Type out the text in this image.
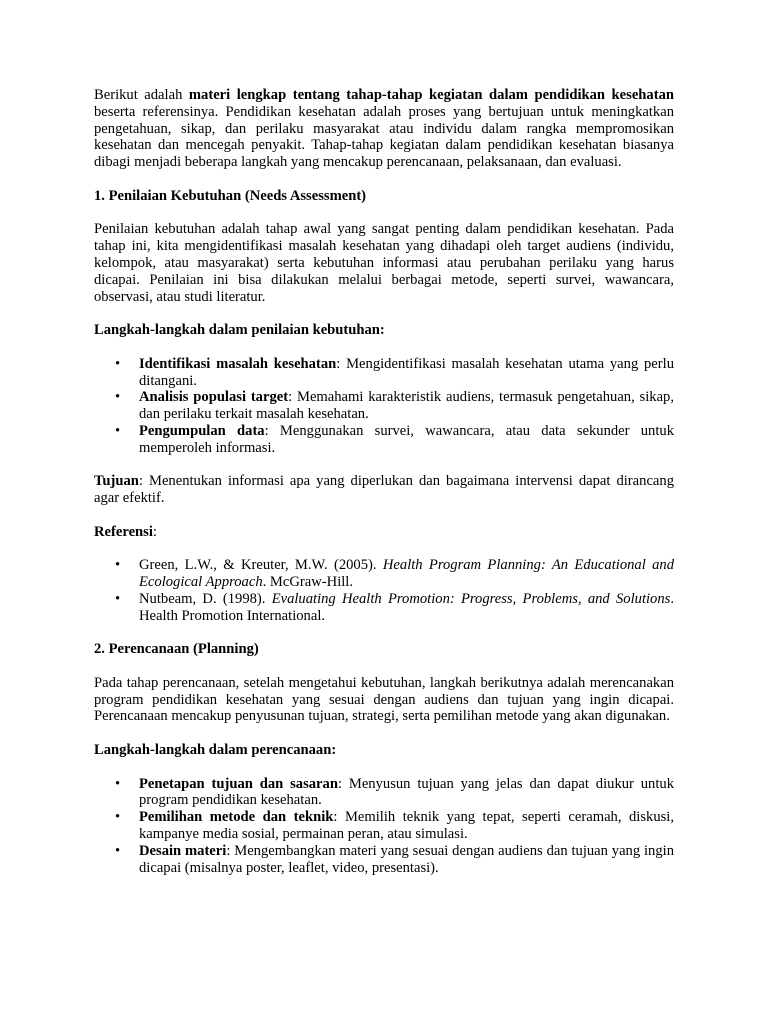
Berikut adalah materi lengkap tentang tahap-tahap kegiatan dalam pendidikan kesehatan beserta referensinya. Pendidikan kesehatan adalah proses yang bertujuan untuk meningkatkan pengetahuan, sikap, dan perilaku masyarakat atau individu dalam rangka mempromosikan kesehatan dan mencegah penyakit. Tahap-tahap kegiatan dalam pendidikan kesehatan biasanya dibagi menjadi beberapa langkah yang mencakup perencanaan, pelaksanaan, dan evaluasi.

1. Penilaian Kebutuhan (Needs Assessment)

Penilaian kebutuhan adalah tahap awal yang sangat penting dalam pendidikan kesehatan. Pada tahap ini, kita mengidentifikasi masalah kesehatan yang dihadapi oleh target audiens (individu, kelompok, atau masyarakat) serta kebutuhan informasi atau perubahan perilaku yang harus dicapai. Penilaian ini bisa dilakukan melalui berbagai metode, seperti survei, wawancara, observasi, atau studi literatur.

Langkah-langkah dalam penilaian kebutuhan:

• Identifikasi masalah kesehatan: Mengidentifikasi masalah kesehatan utama yang perlu ditangani.
• Analisis populasi target: Memahami karakteristik audiens, termasuk pengetahuan, sikap, dan perilaku terkait masalah kesehatan.
• Pengumpulan data: Menggunakan survei, wawancara, atau data sekunder untuk memperoleh informasi.

Tujuan: Menentukan informasi apa yang diperlukan dan bagaimana intervensi dapat dirancang agar efektif.

Referensi:

• Green, L.W., & Kreuter, M.W. (2005). Health Program Planning: An Educational and Ecological Approach. McGraw-Hill.
• Nutbeam, D. (1998). Evaluating Health Promotion: Progress, Problems, and Solutions. Health Promotion International.

2. Perencanaan (Planning)

Pada tahap perencanaan, setelah mengetahui kebutuhan, langkah berikutnya adalah merencanakan program pendidikan kesehatan yang sesuai dengan audiens dan tujuan yang ingin dicapai. Perencanaan mencakup penyusunan tujuan, strategi, serta pemilihan metode yang akan digunakan.

Langkah-langkah dalam perencanaan:

• Penetapan tujuan dan sasaran: Menyusun tujuan yang jelas dan dapat diukur untuk program pendidikan kesehatan.
• Pemilihan metode dan teknik: Memilih teknik yang tepat, seperti ceramah, diskusi, kampanye media sosial, permainan peran, atau simulasi.
• Desain materi: Mengembangkan materi yang sesuai dengan audiens dan tujuan yang ingin dicapai (misalnya poster, leaflet, video, presentasi).
